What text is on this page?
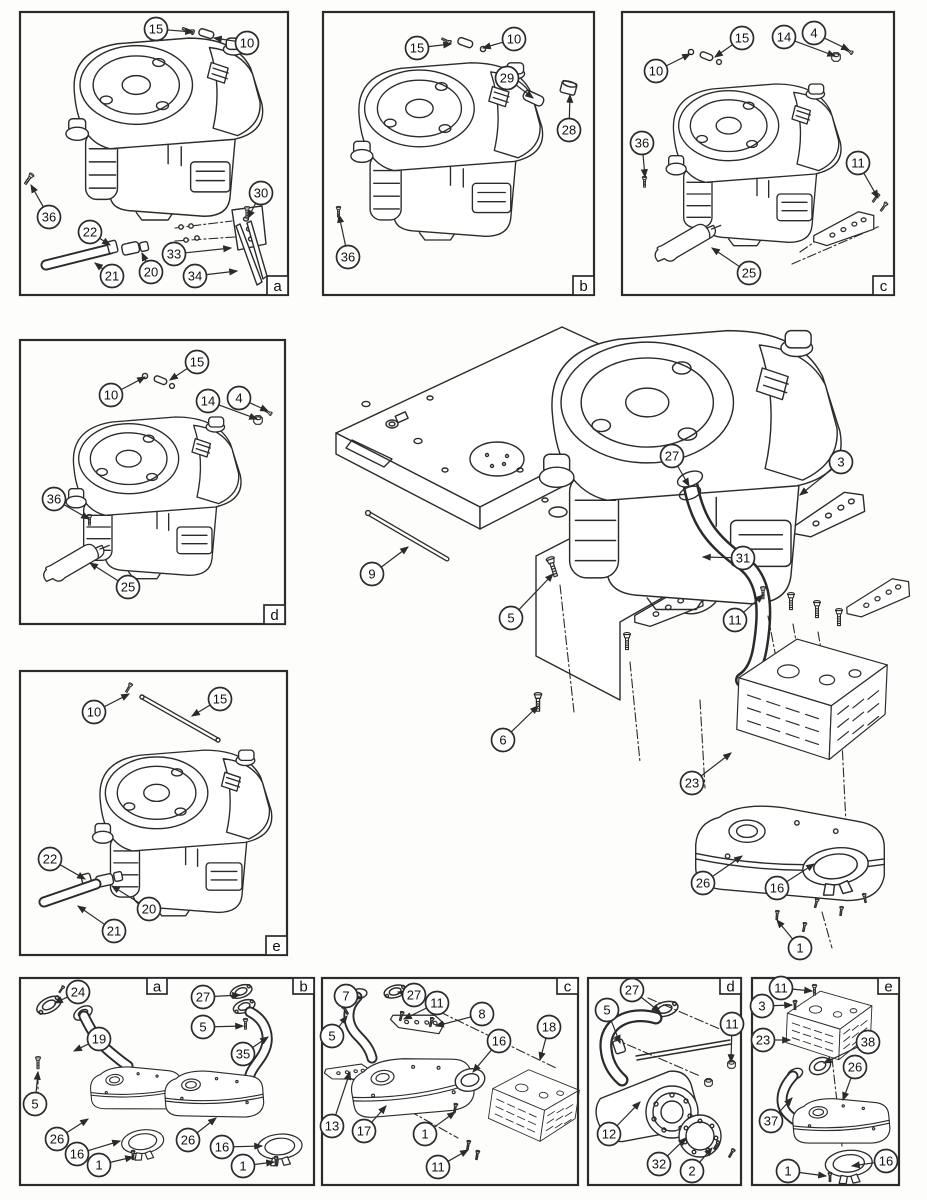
a
15
10
36
22
20
21
30
33
34
b
15
10
29
28
36
c
10
15 14 4
36
11
25
d
15
10	14 4
36
25
e
10
15
22
20
21
27	3
9
5
31
11
6
23
26	16
1
a	b
24
19
5
26
16
1
27
5
35
26 16
1
c
7	27
5
11
8
16
18
13 17	1
11
d
27
5
11
12
32 2
e
11
3
23	38
26
37
1
16
